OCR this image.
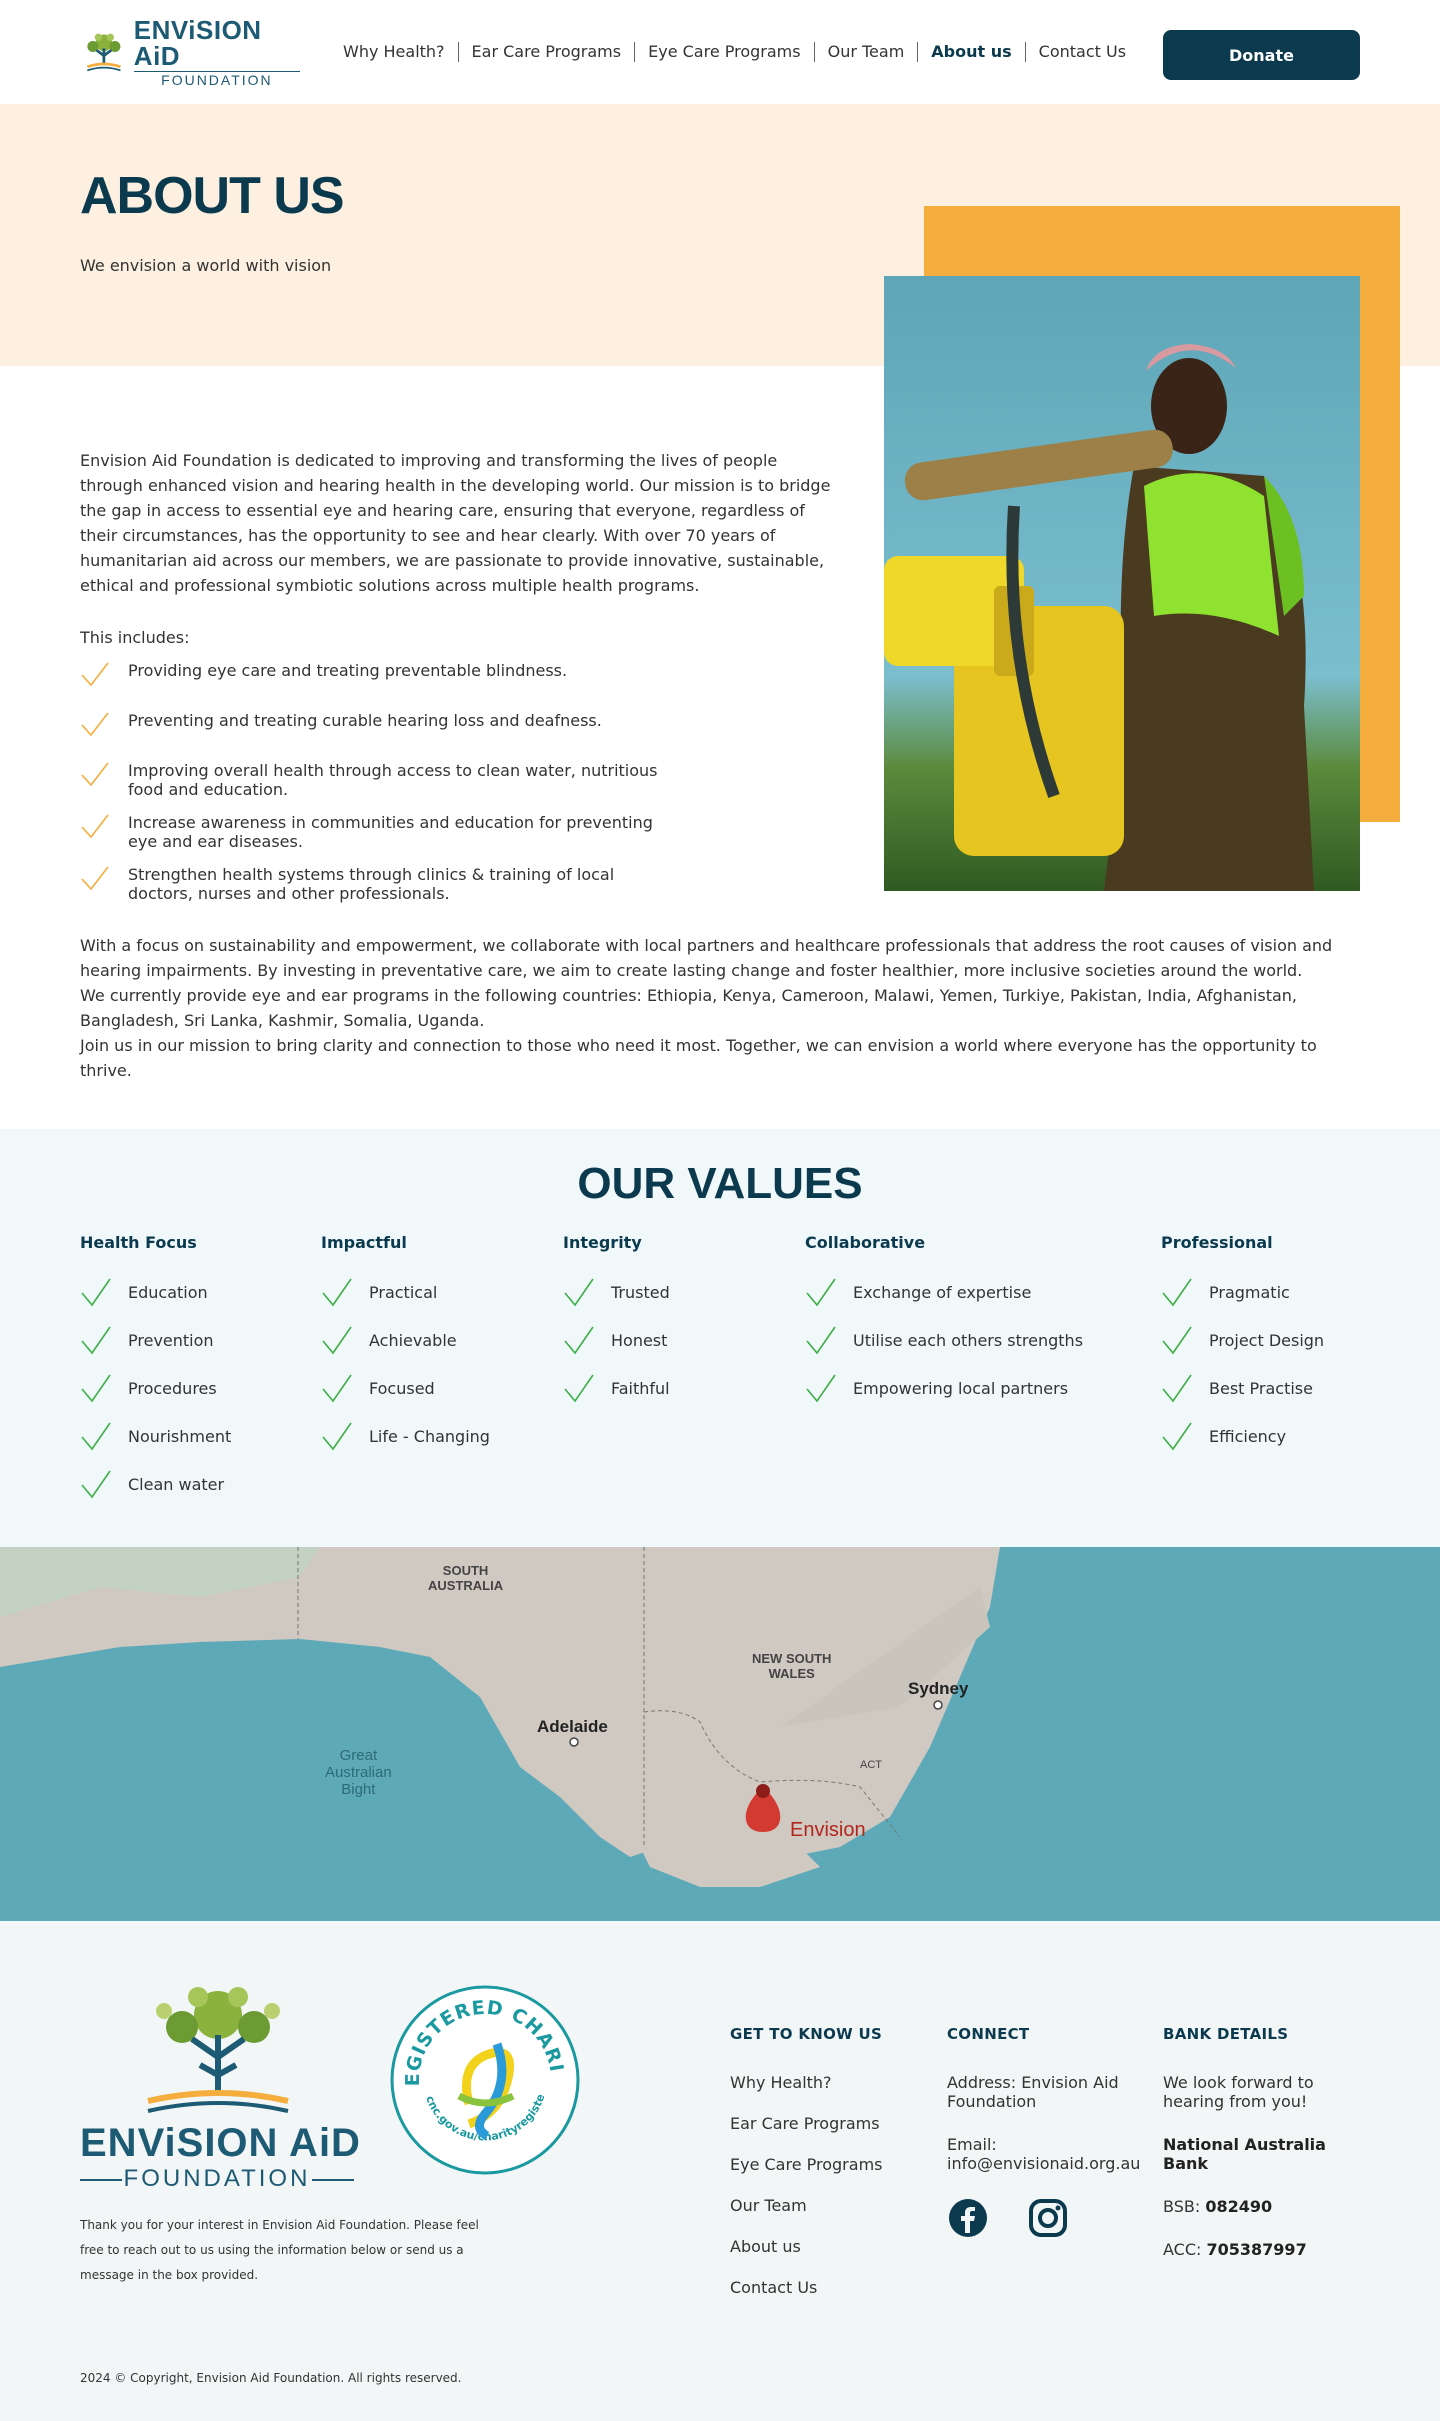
ENViSION AiD
FOUNDATION
Why Health?	Ear Care Programs	Eye Care Programs	Our Team	About us	Contact Us	Donate
ABOUT US

We envision a world with vision

Envision Aid Foundation is dedicated to improving and transforming the lives of people through enhanced vision and hearing health in the developing world. Our mission is to bridge the gap in access to essential eye and hearing care, ensuring that everyone, regardless of their circumstances, has the opportunity to see and hear clearly. With over 70 years of humanitarian aid across our members, we are passionate to provide innovative, sustainable, ethical and professional symbiotic solutions across multiple health programs.

This includes:

Providing eye care and treating preventable blindness.
Preventing and treating curable hearing loss and deafness.
Improving overall health through access to clean water, nutritious food and education.
Increase awareness in communities and education for preventing eye and ear diseases.
Strengthen health systems through clinics & training of local doctors, nurses and other professionals.

With a focus on sustainability and empowerment, we collaborate with local partners and healthcare professionals that address the root causes of vision and hearing impairments. By investing in preventative care, we aim to create lasting change and foster healthier, more inclusive societies around the world.

We currently provide eye and ear programs in the following countries: Ethiopia, Kenya, Cameroon, Malawi, Yemen, Turkiye, Pakistan, India, Afghanistan, Bangladesh, Sri Lanka, Kashmir, Somalia, Uganda.

Join us in our mission to bring clarity and connection to those who need it most. Together, we can envision a world where everyone has the opportunity to thrive.

OUR VALUES
Health Focus
Education
Prevention
Procedures
Nourishment
Clean water
Impactful
Practical
Achievable
Focused
Life - Changing
Integrity
Trusted
Honest
Faithful
Collaborative
Exchange of expertise
Utilise each others strengths
Empowering local partners
Professional
Pragmatic
Project Design
Best Practise
Efficiency
SOUTH
AUSTRALIA
NEW SOUTH
WALES
Sydney
Adelaide
Great
Australian
Bight
ACT
Envision
ENViSION AiD
FOUNDATION
EGISTERED CHARI
cnc.gov.au/charityregiste

Thank you for your interest in Envision Aid Foundation. Please feel free to reach out to us using the information below or send us a message in the box provided.

GET TO KNOW US
Why Health?
Ear Care Programs
Eye Care Programs
Our Team
About us
Contact Us
CONNECT

Address: Envision Aid Foundation

Email:
info@envisionaid.org.au

BANK DETAILS

We look forward to hearing from you!

National Australia Bank

BSB: 082490

ACC: 705387997

2024 © Copyright, Envision Aid Foundation. All rights reserved.
